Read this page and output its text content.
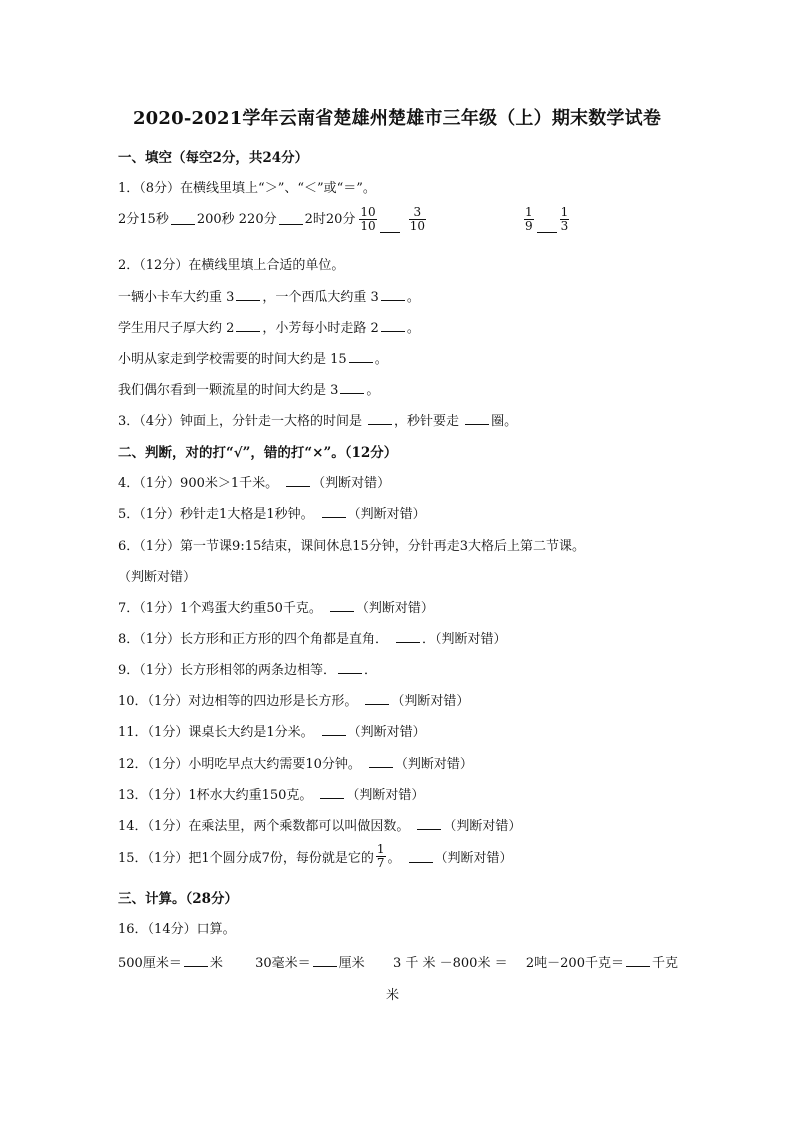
2020-2021学年云南省楚雄州楚雄市三年级（上）期末数学试卷
一、填空（每空2分，共24分）
1．（8分）在横线里填上“＞”、“＜”或“＝”。
2分15秒 200秒 220分 2时20分 $\frac{10}{10}$	$\frac{3}{10}$	$\frac{1}{9} \frac{1}{3}$
2．（12分）在横线里填上合适的单位。
一辆小卡车大约重 3 ，一个西瓜大约重 3 。
学生用尺子厚大约 2 ，小芳每小时走路 2 。
小明从家走到学校需要的时间大约是 15 。
我们偶尔看到一颗流星的时间大约是 3 。
3．（4分）钟面上，分针走一大格的时间是 ，秒针要走 圈。
二、判断，对的打“√”，错的打“×”。（12分）
4．（1分）900米＞1千米。	（判断对错）
5．（1分）秒针走1大格是1秒钟。	（判断对错）
6．（1分）第一节课9:15结束，课间休息15分钟，分针再走3大格后上第二节课。
（判断对错）
7．（1分）1个鸡蛋大约重50千克。	（判断对错）
8．（1分）长方形和正方形的四个角都是直角．	．（判断对错）
9．（1分）长方形相邻的两条边相等． ．
10．（1分）对边相等的四边形是长方形。	（判断对错）
11．（1分）课桌长大约是1分米。	（判断对错）
12．（1分）小明吃早点大约需要10分钟。	（判断对错）
13．（1分）1杯水大约重150克。	（判断对错）
14．（1分）在乘法里，两个乘数都可以叫做因数。	（判断对错）
15．（1分）把1个圆分成7份，每份就是它的 $\frac{1}{7}$ 。	（判断对错）
三、计算。（28分）
16．（14分）口算。
500厘米＝ 米 30毫米＝ 厘米 3 千 米 －800米 ＝ 2吨－200千克＝ 千克
米
